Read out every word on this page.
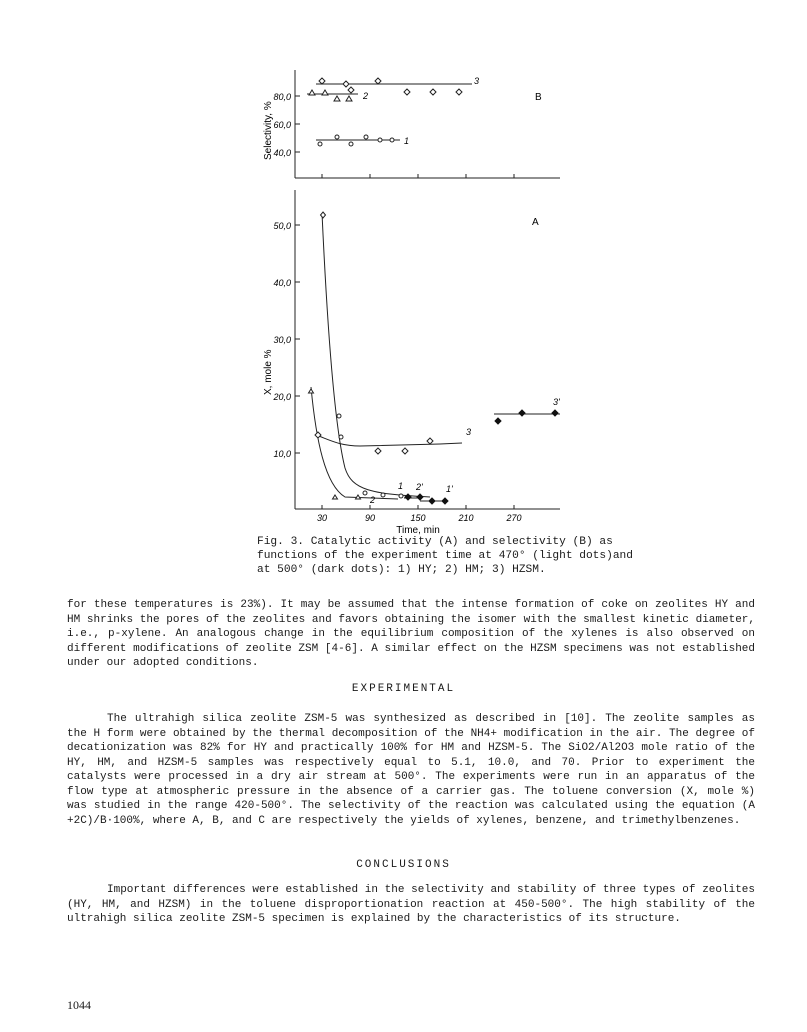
80,0
60,0
40,0
Selectivity, %
B
3
2
1
50,0
40,0
30,0
20,0
10,0
X, mole %
A
1
2
3
2'	1'
3'
30	90	150	210	270
Time, min
Fig. 3. Catalytic activity (A) and selectivity (B) as
functions of the experiment time at 470° (light dots)and
at 500° (dark dots): 1) HY; 2) HM; 3) HZSM.
for these temperatures is 23%). It may be assumed that the intense formation of coke on zeolites HY and HM shrinks the pores of the zeolites and favors obtaining the isomer with the smallest kinetic diameter, i.e., p-xylene. An analogous change in the equilibrium composition of the xylenes is also observed on different modifications of zeolite ZSM [4-6]. A similar effect on the HZSM specimens was not established under our adopted conditions.
EXPERIMENTAL
The ultrahigh silica zeolite ZSM-5 was synthesized as described in [10]. The zeolite samples as the H form were obtained by the thermal decomposition of the NH4+ modification in the air. The degree of decationization was 82% for HY and practically 100% for HM and HZSM-5. The SiO2/Al2O3 mole ratio of the HY, HM, and HZSM-5 samples was respectively equal to 5.1, 10.0, and 70. Prior to experiment the catalysts were processed in a dry air stream at 500°. The experiments were run in an apparatus of the flow type at atmospheric pressure in the absence of a carrier gas. The toluene conversion (X, mole %) was studied in the range 420-500°. The selectivity of the reaction was calculated using the equation (A +2C)/B·100%, where A, B, and C are respectively the yields of xylenes, benzene, and trimethylbenzenes.
CONCLUSIONS
Important differences were established in the selectivity and stability of three types of zeolites (HY, HM, and HZSM) in the toluene disproportionation reaction at 450-500°. The high stability of the ultrahigh silica zeolite ZSM-5 specimen is explained by the characteristics of its structure.
1044
